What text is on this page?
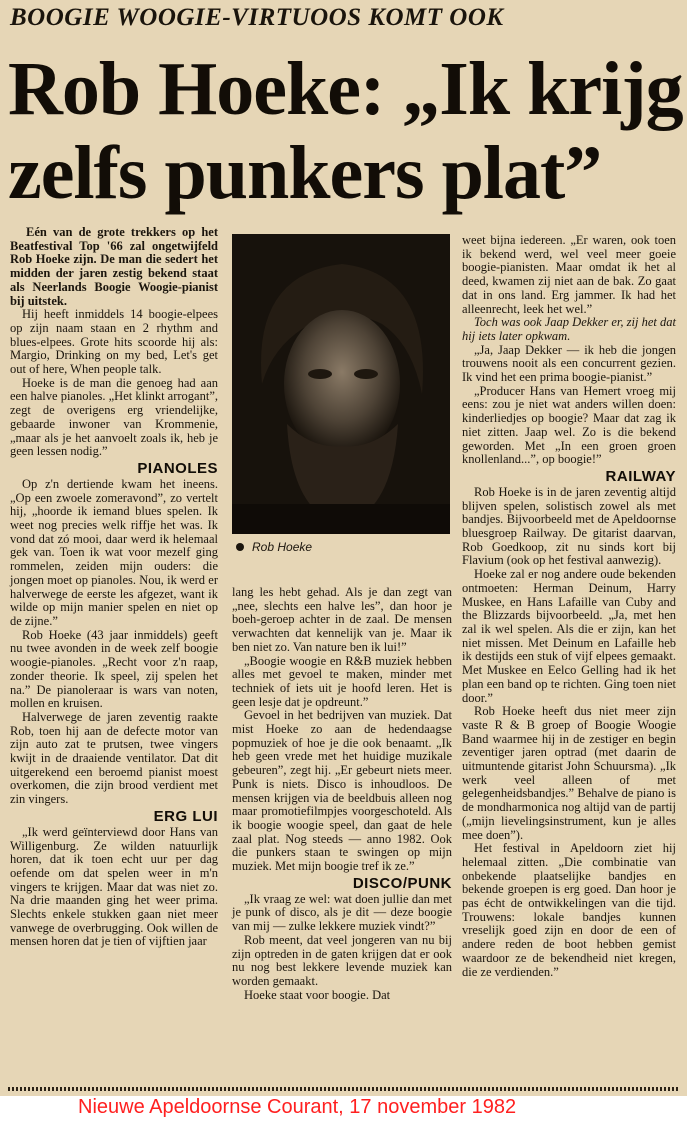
BOOGIE WOOGIE-VIRTUOOS KOMT OOK
Rob Hoeke: „Ik krijg
zelfs punkers plat”

Eén van de grote trekkers op het Beatfestival Top '66 zal ongetwijfeld Rob Hoeke zijn. De man die sedert het midden der jaren zestig bekend staat als Neerlands Boogie Woogie-pianist bij uitstek.

Hij heeft inmiddels 14 boogie-elpees op zijn naam staan en 2 rhythm and blues-elpees. Grote hits scoorde hij als: Margio, Drinking on my bed, Let's get out of here, When people talk.

Hoeke is de man die genoeg had aan een halve pianoles. „Het klinkt arrogant”, zegt de overigens erg vriendelijke, gebaarde inwoner van Krommenie, „maar als je het aanvoelt zoals ik, heb je geen lessen nodig.”

PIANOLES

Op z'n dertiende kwam het ineens. „Op een zwoele zomeravond”, zo vertelt hij, „hoorde ik iemand blues spelen. Ik weet nog precies welk riffje het was. Ik vond dat zó mooi, daar werd ik helemaal gek van. Toen ik wat voor mezelf ging rommelen, zeiden mijn ouders: die jongen moet op pianoles. Nou, ik werd er halverwege de eerste les afgezet, want ik wilde op mijn manier spelen en niet op de zijne.”

Rob Hoeke (43 jaar inmiddels) geeft nu twee avonden in de week zelf boogie woogie-pianoles. „Recht voor z'n raap, zonder theorie. Ik speel, zij spelen het na.” De pianoleraar is wars van noten, mollen en kruisen.

Halverwege de jaren zeventig raakte Rob, toen hij aan de defecte motor van zijn auto zat te prutsen, twee vingers kwijt in de draaiende ventilator. Dat dit uitgerekend een beroemd pianist moest overkomen, die zijn brood verdient met zin vingers.

ERG LUI

„Ik werd geïnterviewd door Hans van Willigenburg. Ze wilden natuurlijk horen, dat ik toen echt uur per dag oefende om dat spelen weer in m'n vingers te krijgen. Maar dat was niet zo. Na drie maanden ging het weer prima. Slechts enkele stukken gaan niet meer vanwege de overbrugging. Ook willen de mensen horen dat je tien of vijftien jaar

Rob Hoeke

lang les hebt gehad. Als je dan zegt van „nee, slechts een halve les”, dan hoor je boeh-geroep achter in de zaal. De mensen verwachten dat kennelijk van je. Maar ik ben niet zo. Van nature ben ik lui!”

„Boogie woogie en R&B muziek hebben alles met gevoel te maken, minder met techniek of iets uit je hoofd leren. Het is geen lesje dat je opdreunt.”

Gevoel in het bedrijven van muziek. Dat mist Hoeke zo aan de hedendaagse popmuziek of hoe je die ook benaamt. „Ik heb geen vrede met het huidige muzikale gebeuren”, zegt hij. „Er gebeurt niets meer. Punk is niets. Disco is inhoudloos. De mensen krijgen via de beeldbuis alleen nog maar promotiefilmpjes voorgeschoteld. Als ik boogie woogie speel, dan gaat de hele zaal plat. Nog steeds — anno 1982. Ook die punkers staan te swingen op mijn muziek. Met mijn boogie tref ik ze.”

DISCO/PUNK

„Ik vraag ze wel: wat doen jullie dan met je punk of disco, als je dit — deze boogie van mij — zulke lekkere muziek vindt?”

Rob meent, dat veel jongeren van nu bij zijn optreden in de gaten krijgen dat er ook nu nog best lekkere levende muziek kan worden gemaakt.

Hoeke staat voor boogie. Dat

weet bijna iedereen. „Er waren, ook toen ik bekend werd, wel veel meer goeie boogie-pianisten. Maar omdat ik het al deed, kwamen zij niet aan de bak. Zo gaat dat in ons land. Erg jammer. Ik had het alleenrecht, leek het wel.”

Toch was ook Jaap Dekker er, zij het dat hij iets later opkwam.

„Ja, Jaap Dekker — ik heb die jongen trouwens nooit als een concurrent gezien. Ik vind het een prima boogie-pianist.”

„Producer Hans van Hemert vroeg mij eens: zou je niet wat anders willen doen: kinderliedjes op boogie? Maar dat zag ik niet zitten. Jaap wel. Zo is die bekend geworden. Met „In een groen groen knollenland...”, op boogie!”

RAILWAY

Rob Hoeke is in de jaren zeventig altijd blijven spelen, solistisch zowel als met bandjes. Bijvoorbeeld met de Apeldoornse bluesgroep Railway. De gitarist daarvan, Rob Goedkoop, zit nu sinds kort bij Flavium (ook op het festival aanwezig).

Hoeke zal er nog andere oude bekenden ontmoeten: Herman Deinum, Harry Muskee, en Hans Lafaille van Cuby and the Blizzards bijvoorbeeld. „Ja, met hen zal ik wel spelen. Als die er zijn, kan het niet missen. Met Deinum en Lafaille heb ik destijds een stuk of vijf elpees gemaakt. Met Muskee en Eelco Gelling had ik het plan een band op te richten. Ging toen niet door.”

Rob Hoeke heeft dus niet meer zijn vaste R & B groep of Boogie Woogie Band waarmee hij in de zestiger en begin zeventiger jaren optrad (met daarin de uitmuntende gitarist John Schuursma). „Ik werk veel alleen of met gelegenheidsbandjes.” Behalve de piano is de mondharmonica nog altijd van de partij („mijn lievelingsinstrument, kun je alles mee doen”).

Het festival in Apeldoorn ziet hij helemaal zitten. „Die combinatie van onbekende plaatselijke bandjes en bekende groepen is erg goed. Dan hoor je pas écht de ontwikkelingen van die tijd. Trouwens: lokale bandjes kunnen vreselijk goed zijn en door de een of andere reden de boot hebben gemist waardoor ze de bekendheid niet kregen, die ze verdienden.”

Nieuwe Apeldoornse Courant, 17 november 1982
